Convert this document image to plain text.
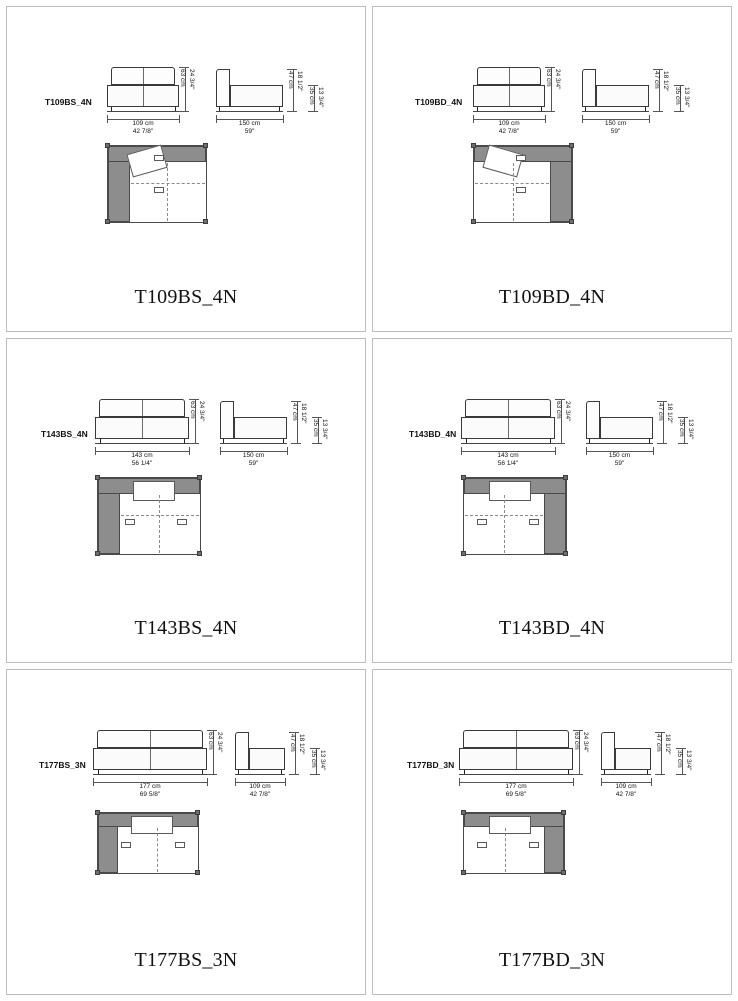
T109BS_4N
63 cm 24 3/4"
109 cm
42 7/8"
47 cm 18 1/2"
35 cm 13 3/4"
150 cm
59"
T109BS_4N
T109BD_4N
63 cm 24 3/4"
109 cm
42 7/8"
47 cm 18 1/2"
35 cm 13 3/4"
150 cm
59"
T109BD_4N
T143BS_4N
63 cm 24 3/4"
143 cm
56 1/4"
47 cm 18 1/2"
35 cm 13 3/4"
150 cm
59"
T143BS_4N
T143BD_4N
63 cm 24 3/4"
143 cm
56 1/4"
47 cm 18 1/2"
35 cm 13 3/4"
150 cm
59"
T143BD_4N
T177BS_3N
63 cm 24 3/4"
177 cm
69 5/8"
47 cm 18 1/2"
35 cm 13 3/4"
109 cm
42 7/8"
T177BS_3N
T177BD_3N
63 cm 24 3/4"
177 cm
69 5/8"
47 cm 18 1/2"
35 cm 13 3/4"
109 cm
42 7/8"
T177BD_3N
